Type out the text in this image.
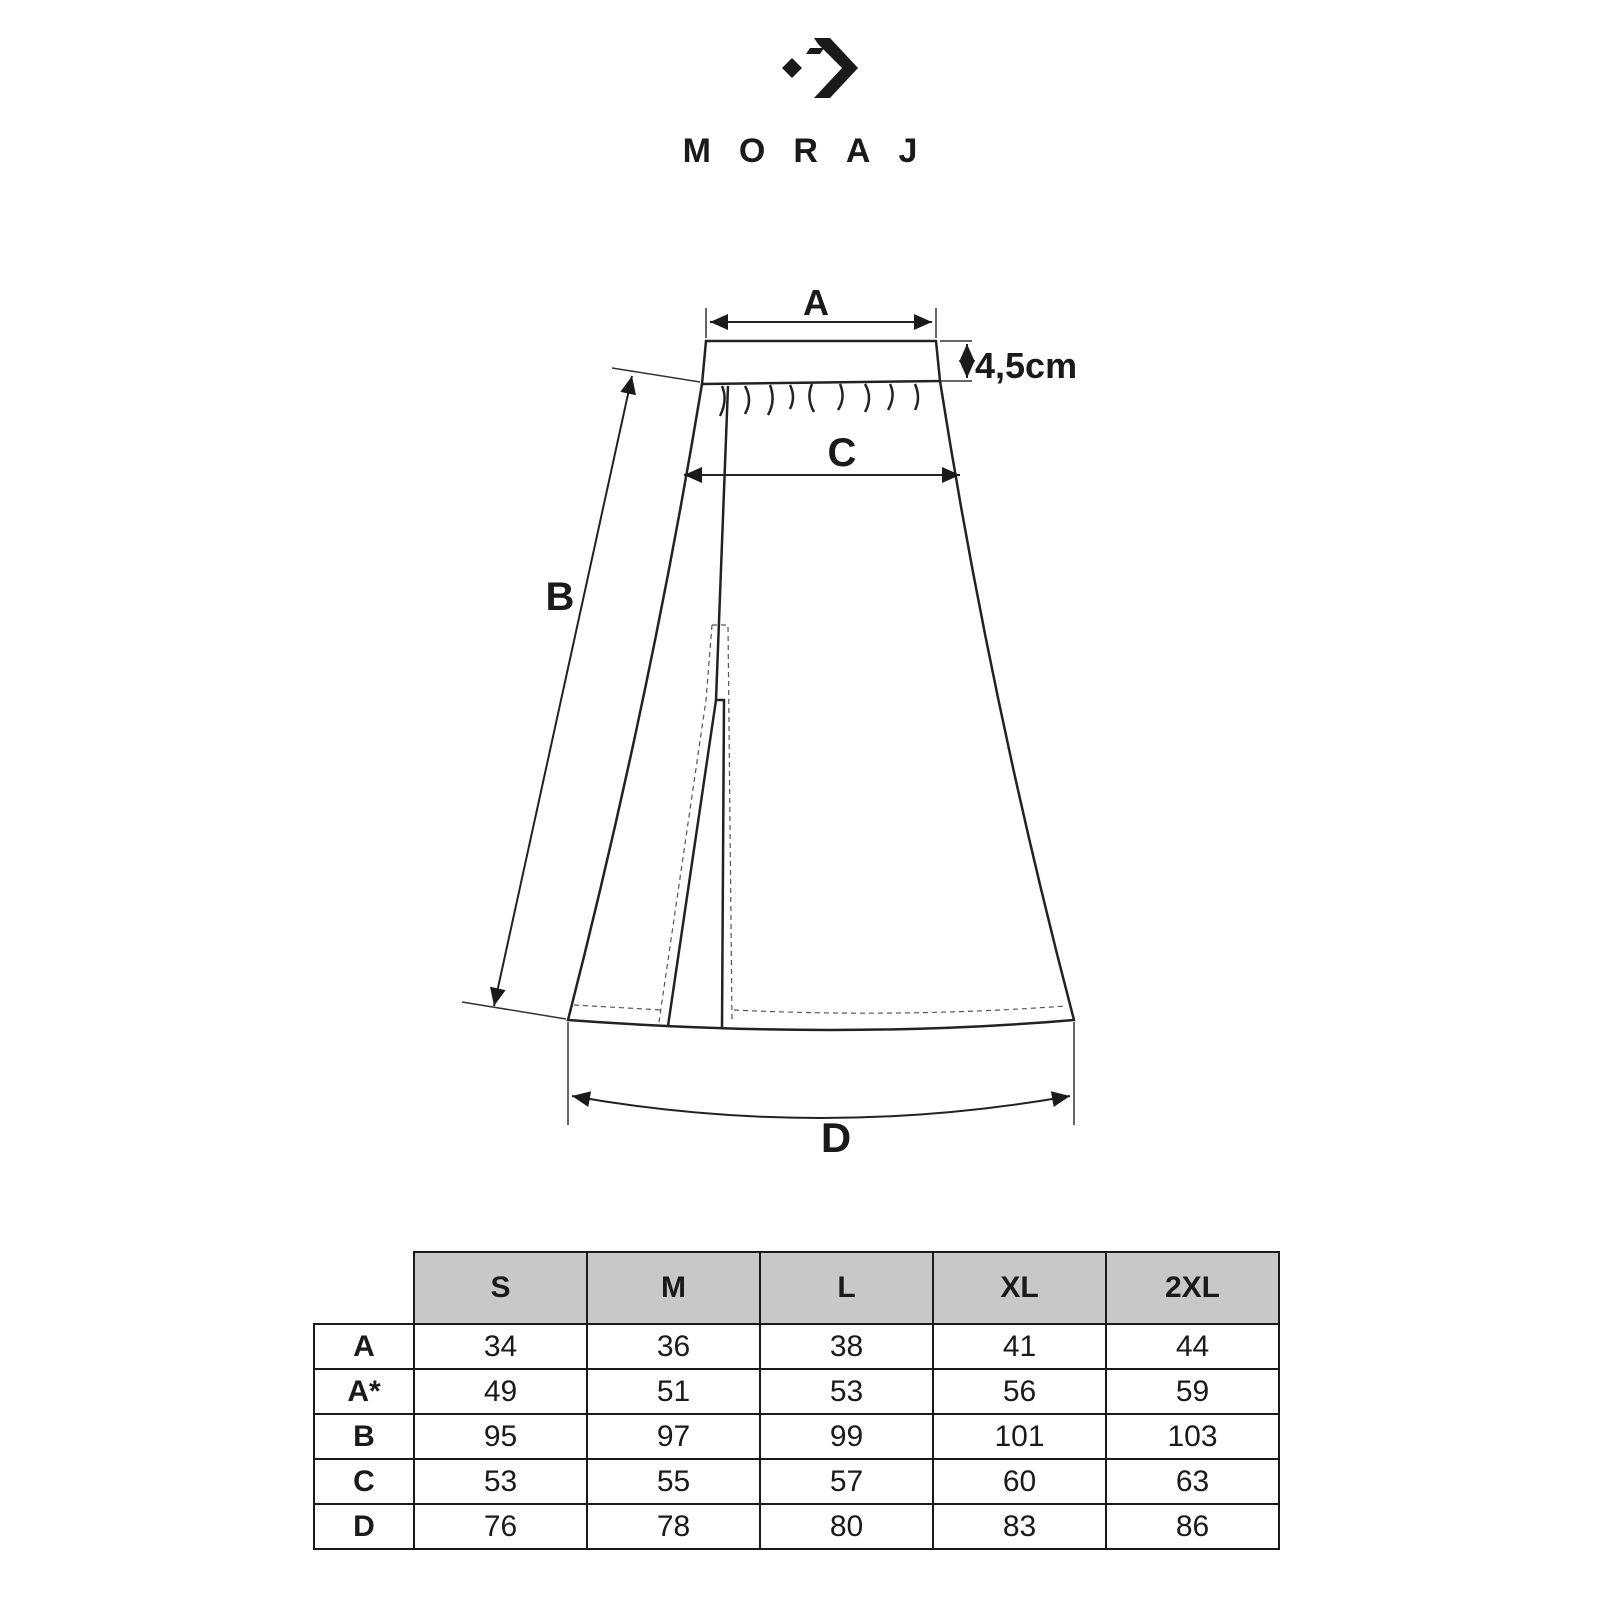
MORAJ
A
4,5cm
B
C
D
	S	M	L	XL	2XL
A	34	36	38	41	44
A*	49	51	53	56	59
B	95	97	99	101	103
C	53	55	57	60	63
D	76	78	80	83	86
